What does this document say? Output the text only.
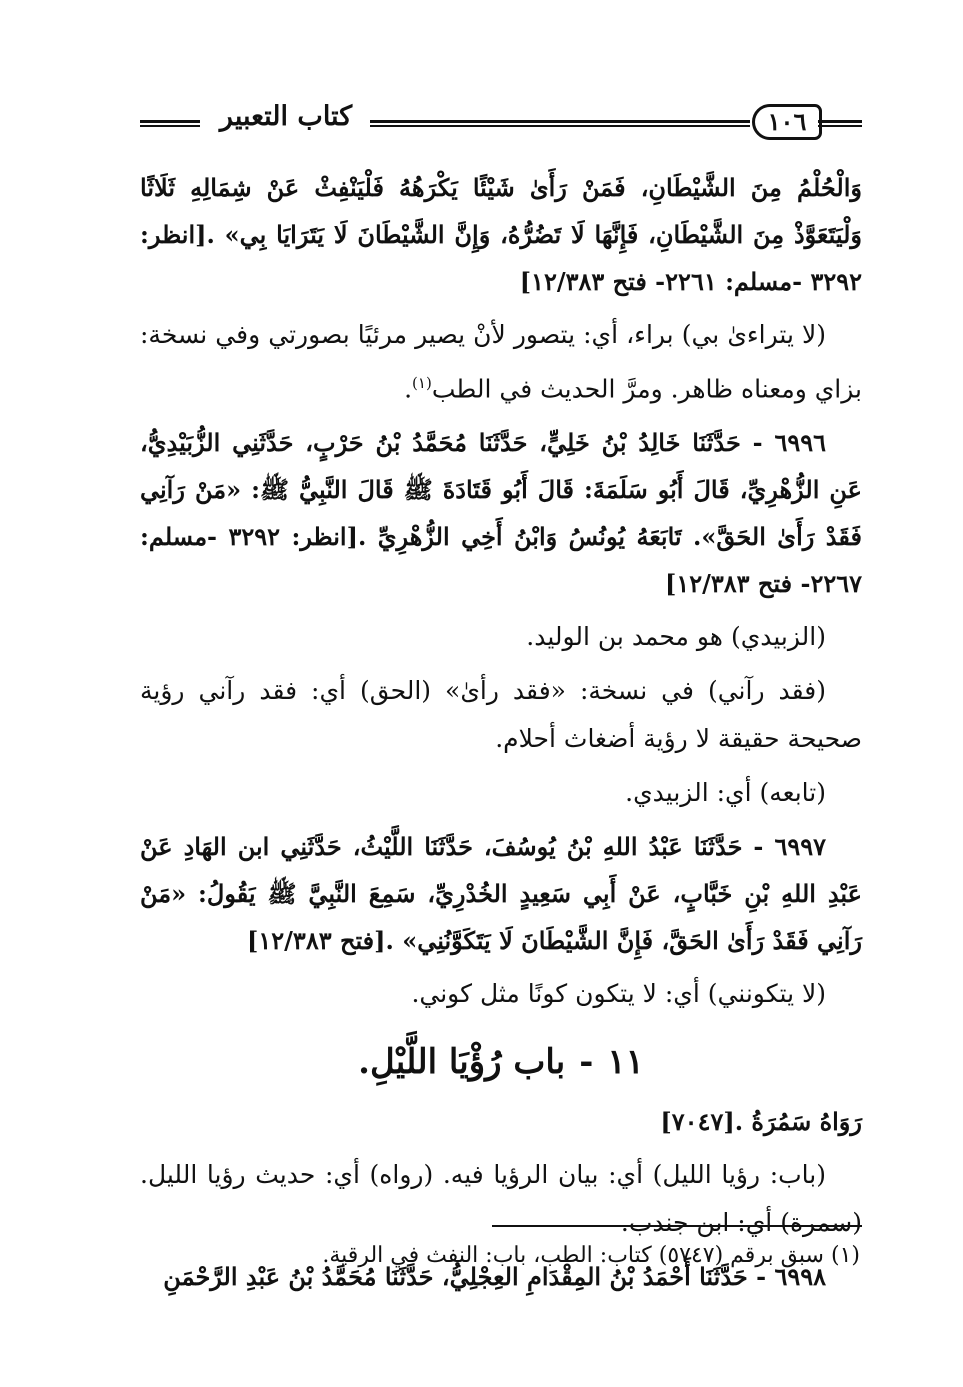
كتاب التعبير	١٠٦

وَالْحُلْمُ مِنَ الشَّيْطَانِ، فَمَنْ رَأَىٰ شَيْئًا يَكْرَهُهُ فَلْيَنْفِثْ عَنْ شِمَالِهِ ثَلَاثًا وَلْيَتَعَوَّذْ مِنَ الشَّيْطَانِ، فَإِنَّهَا لَا تَضُرُّهُ، وَإِنَّ الشَّيْطَانَ لَا يَتَرَايَا بِي» .[انظر: ٣٢٩٢ -مسلم: ٢٢٦١- فتح ١٢/٣٨٣]

(لا يتراءىٰ بي) براء، أي: يتصور لأنْ يصير مرئيًا بصورتي وفي نسخة: بزاي ومعناه ظاهر. ومرَّ الحديث في الطب$^{(١)}$.

٦٩٩٦ - حَدَّثَنَا خَالِدُ بْنُ خَلِيٍّ، حَدَّثَنَا مُحَمَّدُ بْنُ حَرْبٍ، حَدَّثَنِي الزُّبَيْدِيُّ، عَنِ الزُّهْرِيِّ، قَالَ أَبُو سَلَمَةَ: قَالَ أَبُو قَتَادَةَ ﷺ قَالَ النَّبِيُّ ﷺ: «مَنْ رَآنِي فَقَدْ رَأَىٰ الحَقَّ». تَابَعَهُ يُونُسُ وَابْنُ أَخِي الزُّهْرِيِّ .[انظر: ٣٢٩٢ -مسلم: ٢٢٦٧- فتح ١٢/٣٨٣]

(الزبيدي) هو محمد بن الوليد.

(فقد رآني) في نسخة: «فقد رأىٰ» (الحق) أي: فقد رآني رؤية صحيحة حقيقة لا رؤية أضغاث أحلام.

(تابعه) أي: الزبيدي.

٦٩٩٧ - حَدَّثَنَا عَبْدُ اللهِ بْنُ يُوسُفَ، حَدَّثَنَا اللَّيْثُ، حَدَّثَنِي ابن الهَادِ عَنْ عَبْدِ اللهِ بْنِ خَبَّابٍ، عَنْ أَبِي سَعِيدٍ الخُدْرِيِّ، سَمِعَ النَّبِيَّ ﷺ يَقُولُ: «مَنْ رَآنِي فَقَدْ رَأَىٰ الحَقَّ، فَإِنَّ الشَّيْطَانَ لَا يَتَكَوَّنُنِي» .[فتح ١٢/٣٨٣]

(لا يتكونني) أي: لا يتكون كونًا مثل كوني.

١١-باب رُؤْيَا اللَّيْلِ.

رَوَاهُ سَمُرَةُ .[٧٠٤٧]

(باب: رؤيا الليل) أي: بيان الرؤيا فيه. (رواه) أي: حديث رؤيا الليل. (سمرة) أي: ابن جندب.

٦٩٩٨ - حَدَّثَنَا أَحْمَدُ بْنُ المِقْدَامِ العِجْلِيُّ، حَدَّثَنَا مُحَمَّدُ بْنُ عَبْدِ الرَّحْمَنِ

(١) سبق برقم (٥٧٤٧) كتاب: الطب، باب: النفث في الرقية.
